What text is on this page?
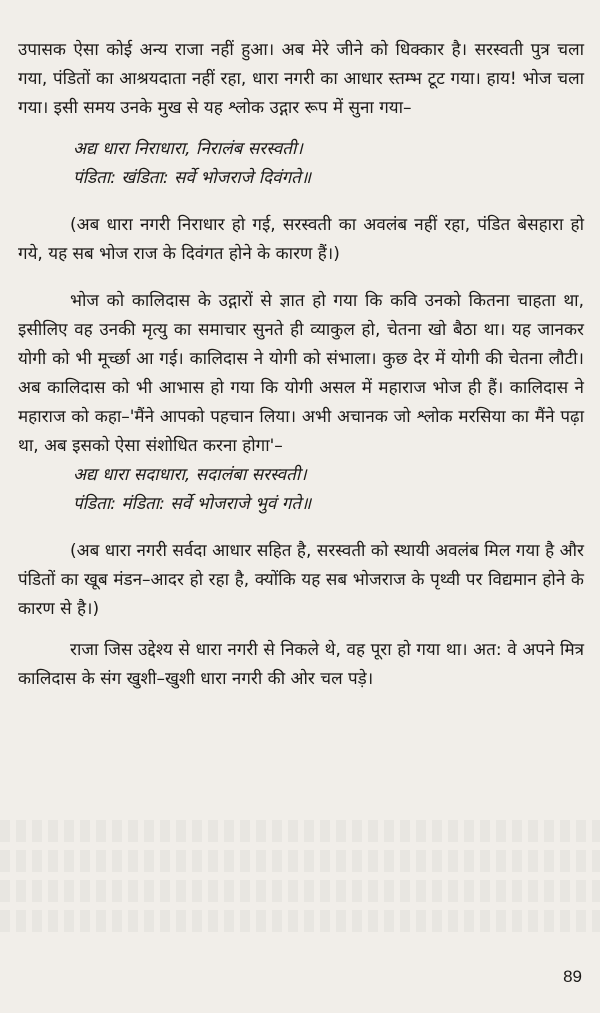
उपासक ऐसा कोई अन्य राजा नहीं हुआ। अब मेरे जीने को धिक्कार है। सरस्वती पुत्र चला गया, पंडितों का आश्रयदाता नहीं रहा, धारा नगरी का आधार स्तम्भ टूट गया। हाय! भोज चला गया। इसी समय उनके मुख से यह श्लोक उद्गार रूप में सुना गया–

अद्य धारा निराधारा, निरालंब सरस्वती।

पंडिता: खंडिता: सर्वे भोजराजे दिवंगते॥

(अब धारा नगरी निराधार हो गई, सरस्वती का अवलंब नहीं रहा, पंडित बेसहारा हो गये, यह सब भोज राज के दिवंगत होने के कारण हैं।)

भोज को कालिदास के उद्गारों से ज्ञात हो गया कि कवि उनको कितना चाहता था, इसीलिए वह उनकी मृत्यु का समाचार सुनते ही व्याकुल हो, चेतना खो बैठा था। यह जानकर योगी को भी मूर्च्छा आ गई। कालिदास ने योगी को संभाला। कुछ देर में योगी की चेतना लौटी। अब कालिदास को भी आभास हो गया कि योगी असल में महाराज भोज ही हैं। कालिदास ने महाराज को कहा–'मैंने आपको पहचान लिया। अभी अचानक जो श्लोक मरसिया का मैंने पढ़ा था, अब इसको ऐसा संशोधित करना होगा'–

अद्य धारा सदाधारा, सदालंबा सरस्वती।

पंडिता: मंडिता: सर्वे भोजराजे भुवं गते॥

(अब धारा नगरी सर्वदा आधार सहित है, सरस्वती को स्थायी अवलंब मिल गया है और पंडितों का खूब मंडन–आदर हो रहा है, क्योंकि यह सब भोजराज के पृथ्वी पर विद्यमान होने के कारण से है।)

राजा जिस उद्देश्य से धारा नगरी से निकले थे, वह पूरा हो गया था। अत: वे अपने मित्र कालिदास के संग खुशी–खुशी धारा नगरी की ओर चल पड़े।

89
